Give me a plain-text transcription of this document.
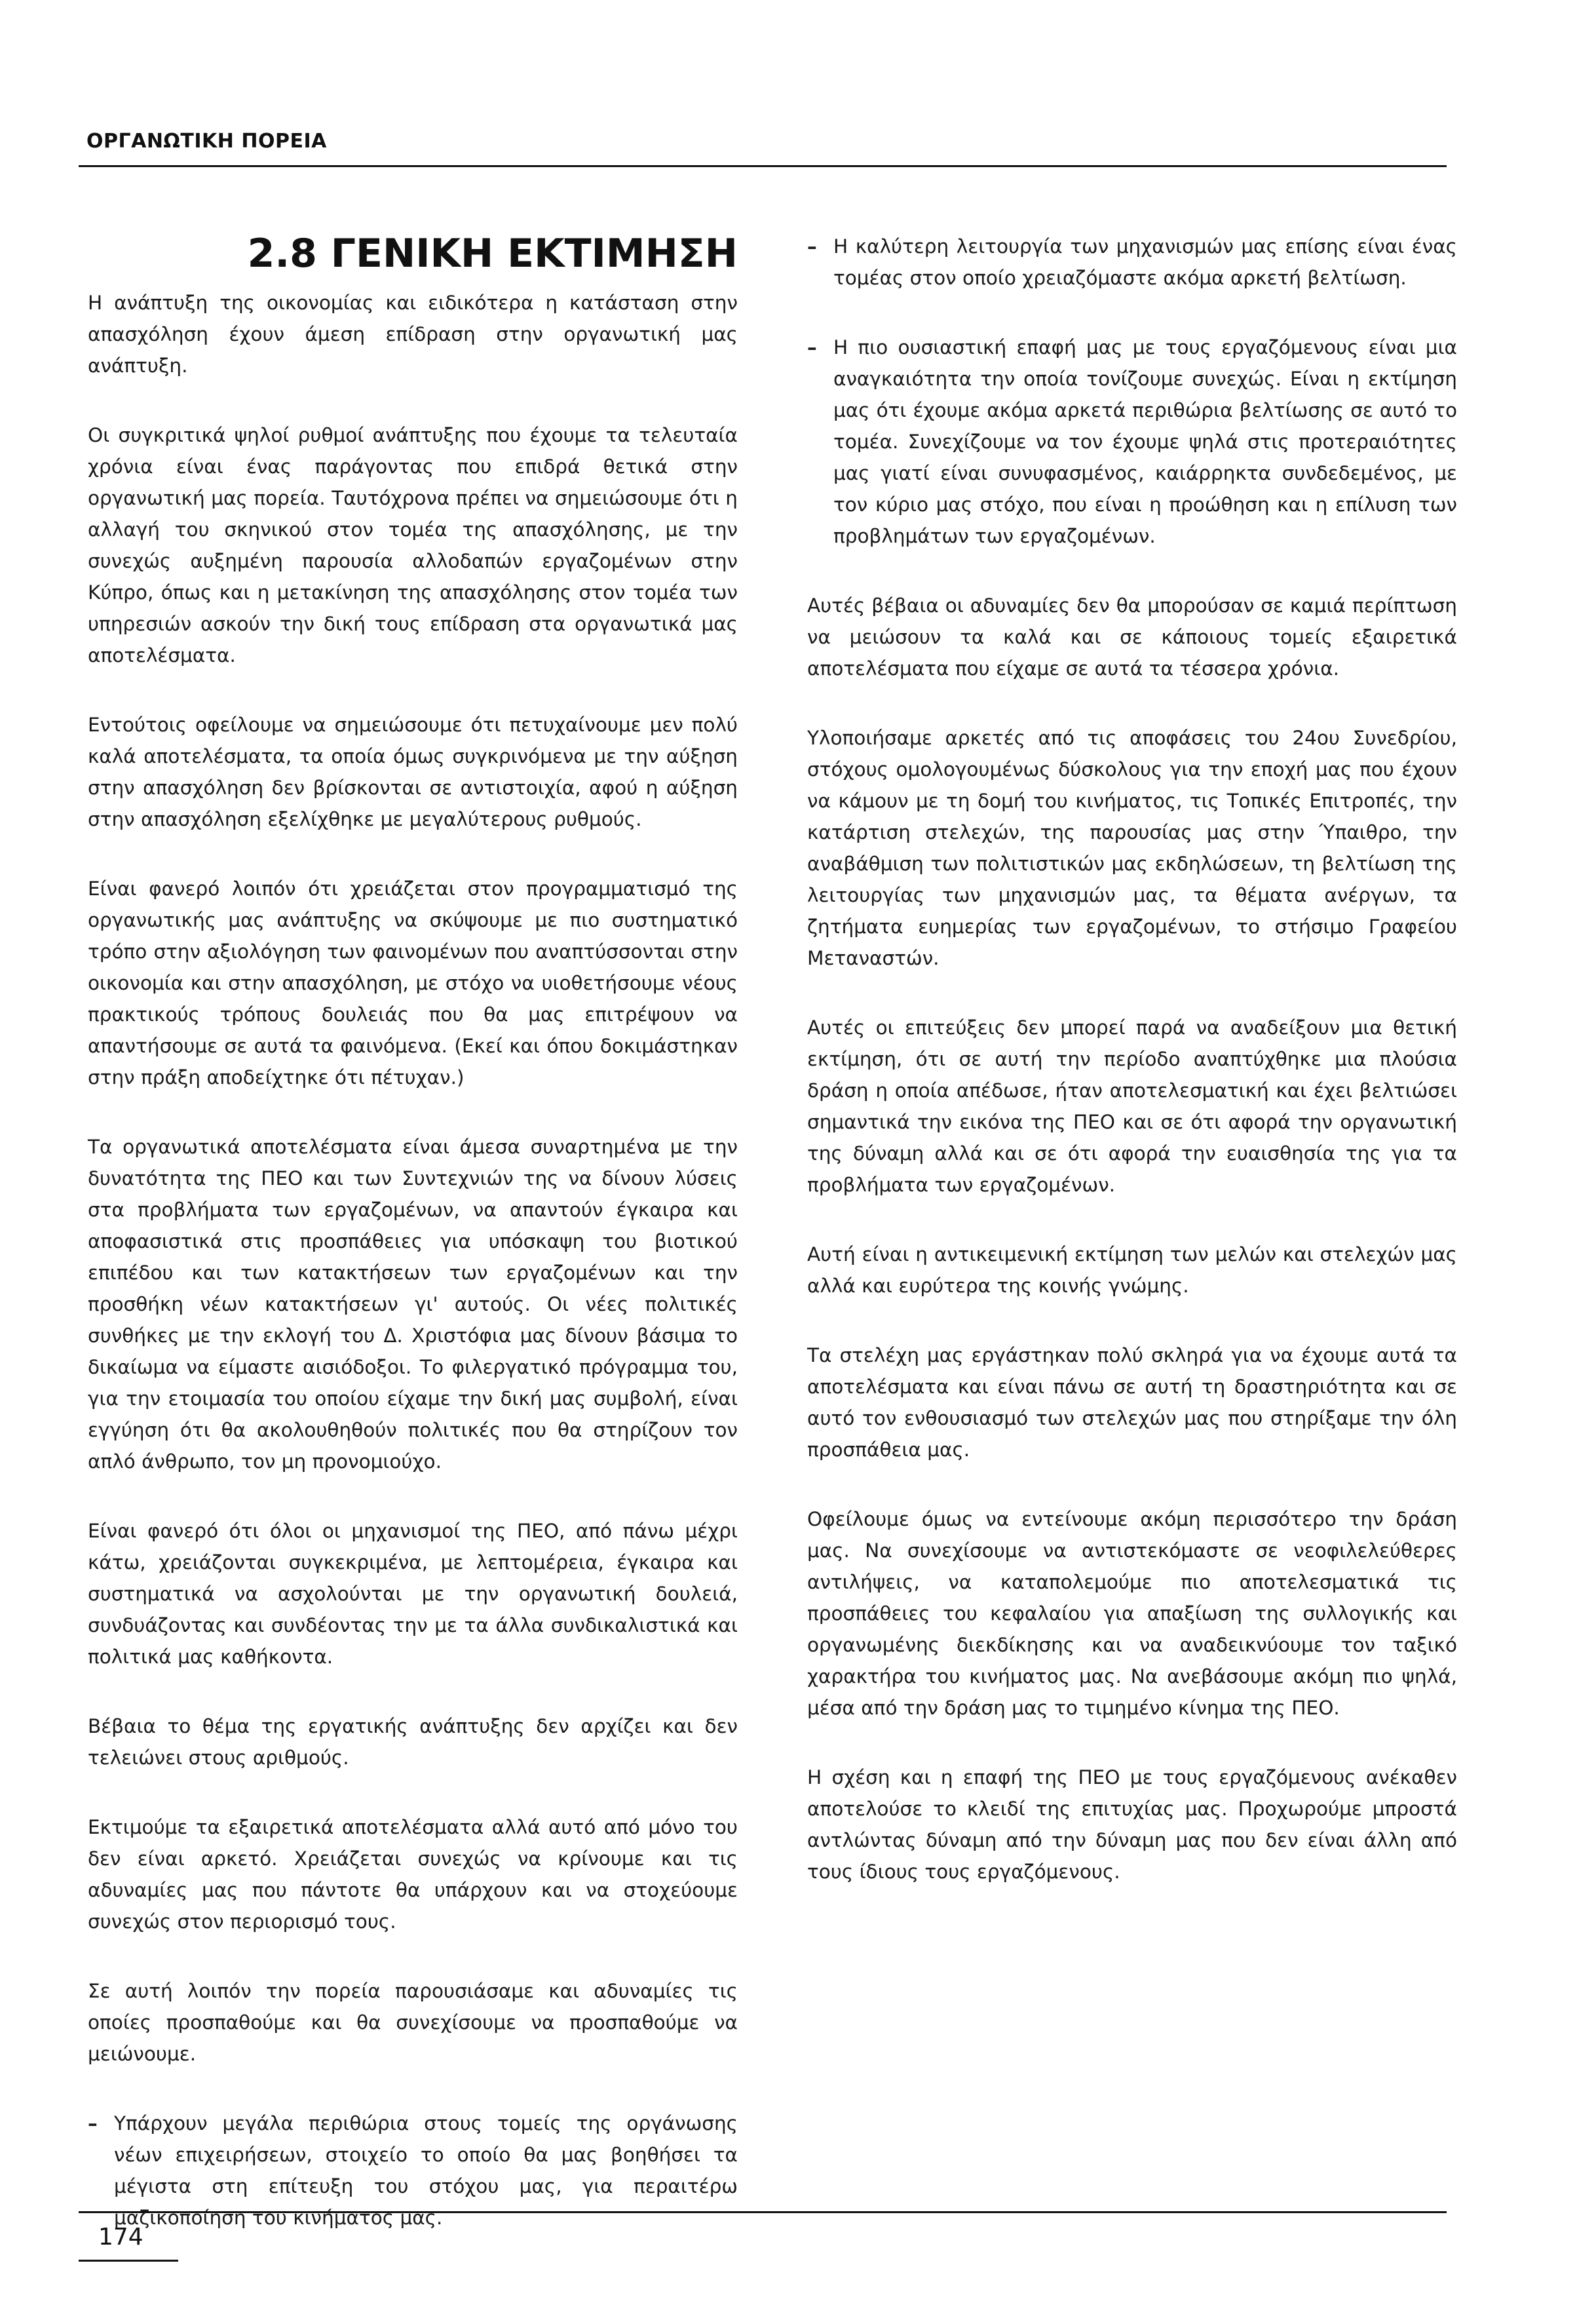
ΟΡΓΑΝΩΤΙΚΗ ΠΟΡΕΙΑ
2.8 ΓΕΝΙΚΗ ΕΚΤΙΜΗΣΗ

Η ανάπτυξη της οικονομίας και ειδικότερα η κατάσταση στην απασχόληση έχουν άμεση επίδραση στην οργανωτική μας ανάπτυξη.

Οι συγκριτικά ψηλοί ρυθμοί ανάπτυξης που έχουμε τα τελευταία χρόνια είναι ένας παράγοντας που επιδρά θετικά στην οργανωτική μας πορεία. Ταυτόχρονα πρέπει να σημειώσουμε ότι η αλλαγή του σκηνικού στον τομέα της απασχόλησης, με την συνεχώς αυξημένη παρουσία αλλοδαπών εργαζομένων στην Κύπρο, όπως και η μετακίνηση της απασχόλησης στον τομέα των υπηρεσιών ασκούν την δική τους επίδραση στα οργανωτικά μας αποτελέσματα.

Εντούτοις οφείλουμε να σημειώσουμε ότι πετυχαίνουμε μεν πολύ καλά αποτελέσματα, τα οποία όμως συγκρινόμενα με την αύξηση στην απασχόληση δεν βρίσκονται σε αντιστοιχία, αφού η αύξηση στην απασχόληση εξελίχθηκε με μεγαλύτερους ρυθμούς.

Είναι φανερό λοιπόν ότι χρειάζεται στον προγραμματισμό της οργανωτικής μας ανάπτυξης να σκύψουμε με πιο συστηματικό τρόπο στην αξιολόγηση των φαινομένων που αναπτύσσονται στην οικονομία και στην απασχόληση, με στόχο να υιοθετήσουμε νέους πρακτικούς τρόπους δουλειάς που θα μας επιτρέψουν να απαντήσουμε σε αυτά τα φαινόμενα. (Εκεί και όπου δοκιμάστηκαν στην πράξη αποδείχτηκε ότι πέτυχαν.)

Τα οργανωτικά αποτελέσματα είναι άμεσα συναρτημένα με την δυνατότητα της ΠΕΟ και των Συντεχνιών της να δίνουν λύσεις στα προβλήματα των εργαζομένων, να απαντούν έγκαιρα και αποφασιστικά στις προσπάθειες για υπόσκαψη του βιοτικού επιπέδου και των κατακτήσεων των εργαζομένων και την προσθήκη νέων κατακτήσεων γι' αυτούς. Οι νέες πολιτικές συνθήκες με την εκλογή του Δ. Χριστόφια μας δίνουν βάσιμα το δικαίωμα να είμαστε αισιόδοξοι. Το φιλεργατικό πρόγραμμα του, για την ετοιμασία του οποίου είχαμε την δική μας συμβολή, είναι εγγύηση ότι θα ακολουθηθούν πολιτικές που θα στηρίζουν τον απλό άνθρωπο, τον μη προνομιούχο.

Είναι φανερό ότι όλοι οι μηχανισμοί της ΠΕΟ, από πάνω μέχρι κάτω, χρειάζονται συγκεκριμένα, με λεπτομέρεια, έγκαιρα και συστηματικά να ασχολούνται με την οργανωτική δουλειά, συνδυάζοντας και συνδέοντας την με τα άλλα συνδικαλιστικά και πολιτικά μας καθήκοντα.

Βέβαια το θέμα της εργατικής ανάπτυξης δεν αρχίζει και δεν τελειώνει στους αριθμούς.

Εκτιμούμε τα εξαιρετικά αποτελέσματα αλλά αυτό από μόνο του δεν είναι αρκετό. Χρειάζεται συνεχώς να κρίνουμε και τις αδυναμίες μας που πάντοτε θα υπάρχουν και να στοχεύουμε συνεχώς στον περιορισμό τους.

Σε αυτή λοιπόν την πορεία παρουσιάσαμε και αδυναμίες τις οποίες προσπαθούμε και θα συνεχίσουμε να προσπαθούμε να μειώνουμε.

– Υπάρχουν μεγάλα περιθώρια στους τομείς της οργάνωσης νέων επιχειρήσεων, στοιχείο το οποίο θα μας βοηθήσει τα μέγιστα στη επίτευξη του στόχου μας, για περαιτέρω μαζικοποίηση του κινήματος μας.
– Η καλύτερη λειτουργία των μηχανισμών μας επίσης είναι ένας τομέας στον οποίο χρειαζόμαστε ακόμα αρκετή βελτίωση.
– Η πιο ουσιαστική επαφή μας με τους εργαζόμενους είναι μια αναγκαιότητα την οποία τονίζουμε συνεχώς. Είναι η εκτίμηση μας ότι έχουμε ακόμα αρκετά περιθώρια βελτίωσης σε αυτό το τομέα. Συνεχίζουμε να τον έχουμε ψηλά στις προτεραιότητες μας γιατί είναι συνυφασμένος, καιάρρηκτα συνδεδεμένος, με τον κύριο μας στόχο, που είναι η προώθηση και η επίλυση των προβλημάτων των εργαζομένων.

Αυτές βέβαια οι αδυναμίες δεν θα μπορούσαν σε καμιά περίπτωση να μειώσουν τα καλά και σε κάποιους τομείς εξαιρετικά αποτελέσματα που είχαμε σε αυτά τα τέσσερα χρόνια.

Υλοποιήσαμε αρκετές από τις αποφάσεις του 24ου Συνεδρίου, στόχους ομολογουμένως δύσκολους για την εποχή μας που έχουν να κάμουν με τη δομή του κινήματος, τις Τοπικές Επιτροπές, την κατάρτιση στελεχών, της παρουσίας μας στην Ύπαιθρο, την αναβάθμιση των πολιτιστικών μας εκδηλώσεων, τη βελτίωση της λειτουργίας των μηχανισμών μας, τα θέματα ανέργων, τα ζητήματα ευημερίας των εργαζομένων, το στήσιμο Γραφείου Μεταναστών.

Αυτές οι επιτεύξεις δεν μπορεί παρά να αναδείξουν μια θετική εκτίμηση, ότι σε αυτή την περίοδο αναπτύχθηκε μια πλούσια δράση η οποία απέδωσε, ήταν αποτελεσματική και έχει βελτιώσει σημαντικά την εικόνα της ΠΕΟ και σε ότι αφορά την οργανωτική της δύναμη αλλά και σε ότι αφορά την ευαισθησία της για τα προβλήματα των εργαζομένων.

Αυτή είναι η αντικειμενική εκτίμηση των μελών και στελεχών μας αλλά και ευρύτερα της κοινής γνώμης.

Τα στελέχη μας εργάστηκαν πολύ σκληρά για να έχουμε αυτά τα αποτελέσματα και είναι πάνω σε αυτή τη δραστηριότητα και σε αυτό τον ενθουσιασμό των στελεχών μας που στηρίξαμε την όλη προσπάθεια μας.

Οφείλουμε όμως να εντείνουμε ακόμη περισσότερο την δράση μας. Να συνεχίσουμε να αντιστεκόμαστε σε νεοφιλελεύθερες αντιλήψεις, να καταπολεμούμε πιο αποτελεσματικά τις προσπάθειες του κεφαλαίου για απαξίωση της συλλογικής και οργανωμένης διεκδίκησης και να αναδεικνύουμε τον ταξικό χαρακτήρα του κινήματος μας. Να ανεβάσουμε ακόμη πιο ψηλά, μέσα από την δράση μας το τιμημένο κίνημα της ΠΕΟ.

Η σχέση και η επαφή της ΠΕΟ με τους εργαζόμενους ανέκαθεν αποτελούσε το κλειδί της επιτυχίας μας. Προχωρούμε μπροστά αντλώντας δύναμη από την δύναμη μας που δεν είναι άλλη από τους ίδιους τους εργαζόμενους.

174
